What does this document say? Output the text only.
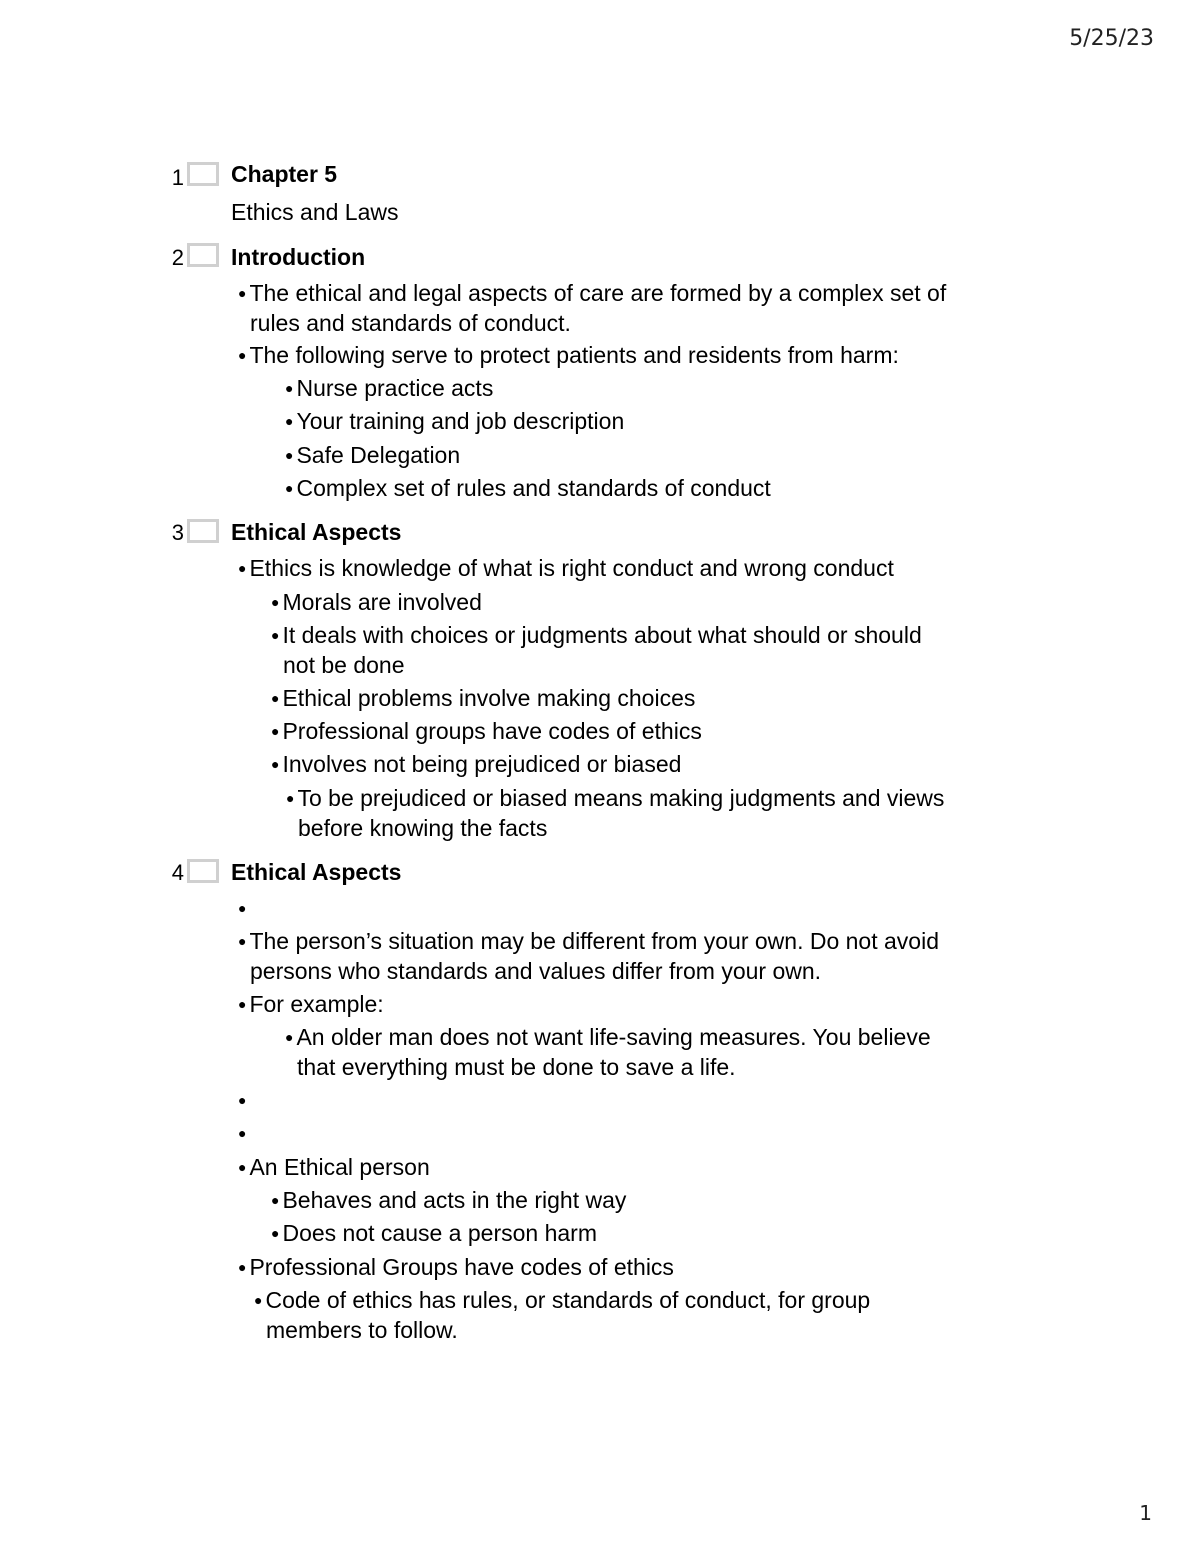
5/25/23
1 Chapter 5
Ethics and Laws
2 Introduction
● The ethical and legal aspects of care are formed by a complex set of
rules and standards of conduct.
● The following serve to protect patients and residents from harm:
● Nurse practice acts
● Your training and job description
● Safe Delegation
● Complex set of rules and standards of conduct
3 Ethical Aspects
● Ethics is knowledge of what is right conduct and wrong conduct
● Morals are involved
● It deals with choices or judgments about what should or should
not be done
● Ethical problems involve making choices
● Professional groups have codes of ethics
● Involves not being prejudiced or biased
● To be prejudiced or biased means making judgments and views
before knowing the facts
4 Ethical Aspects
●
● The person’s situation may be different from your own. Do not avoid
persons who standards and values differ from your own.
● For example:
● An older man does not want life-saving measures. You believe
that everything must be done to save a life.
●
●
● An Ethical person
● Behaves and acts in the right way
● Does not cause a person harm
● Professional Groups have codes of ethics
● Code of ethics has rules, or standards of conduct, for group
members to follow.
1
